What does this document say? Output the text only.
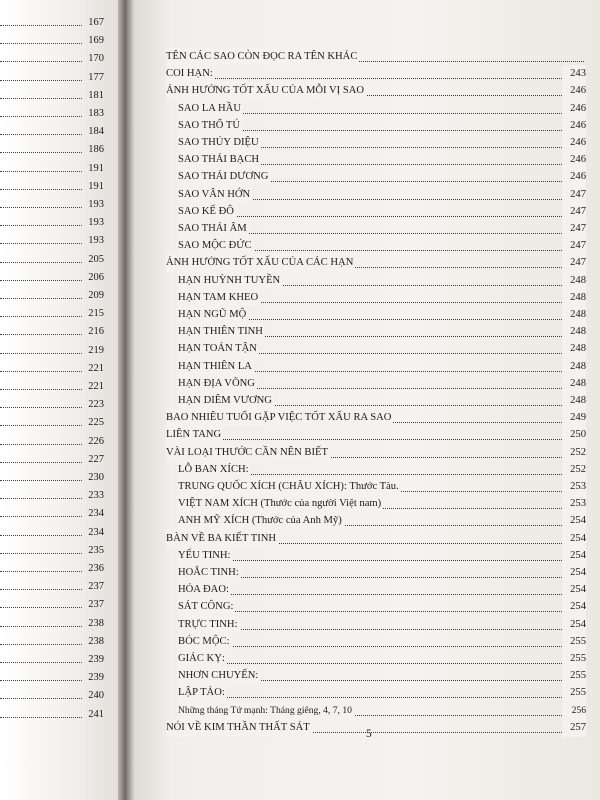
167
169
170
177
181
183
184
186
191
191
193
193
193
205
206
209
215
216
219
221
221
223
225
226
227
230
233
234
234
235
236
237
237
238
238
239
239
240
241
TÊN CÁC SAO CÒN ĐỌC RA TÊN KHÁC
COI HẠN:	243
ẢNH HƯỞNG TỐT XẤU CỦA MỖI VỊ SAO	246
SAO LA HẦU	246
SAO THỔ TÚ	246
SAO THỦY DIỆU	246
SAO THÁI BẠCH	246
SAO THÁI DƯƠNG	246
SAO VÂN HỚN	247
SAO KẾ ĐÔ	247
SAO THÁI ÂM	247
SAO MỘC ĐỨC	247
ẢNH HƯỞNG TỐT XẤU CỦA CÁC HẠN	247
HẠN HUỲNH TUYỀN	248
HẠN TAM KHEO	248
HẠN NGŨ MỘ	248
HẠN THIÊN TINH	248
HẠN TOÁN TẬN	248
HẠN THIÊN LA	248
HẠN ĐỊA VÕNG	248
HẠN DIÊM VƯƠNG	248
BAO NHIÊU TUỔI GẶP VIỆC TỐT XẤU RA SAO	249
LIÊN TANG	250
VÀI LOẠI THƯỚC CẦN NÊN BIẾT	252
LỖ BAN XÍCH:	252
TRUNG QUỐC XÍCH (CHÂU XÍCH): Thước Tàu.	253
VIỆT NAM XÍCH (Thước của người Việt nam)	253
ANH MỸ XÍCH (Thước của Anh Mỹ)	254
BÀN VỀ BA KIẾT TINH	254
YẾU TINH:	254
HOẮC TINH:	254
HỎA ĐAO:	254
SÁT CÔNG:	254
TRỰC TINH:	254
BÓC MỘC:	255
GIÁC KỴ:	255
NHƠN CHUYẾN:	255
LẬP TẢO:	255
Những tháng Tứ mạnh: Tháng giêng, 4, 7, 10	256
NÓI VỀ KIM THẦN THẤT SÁT	257
5
